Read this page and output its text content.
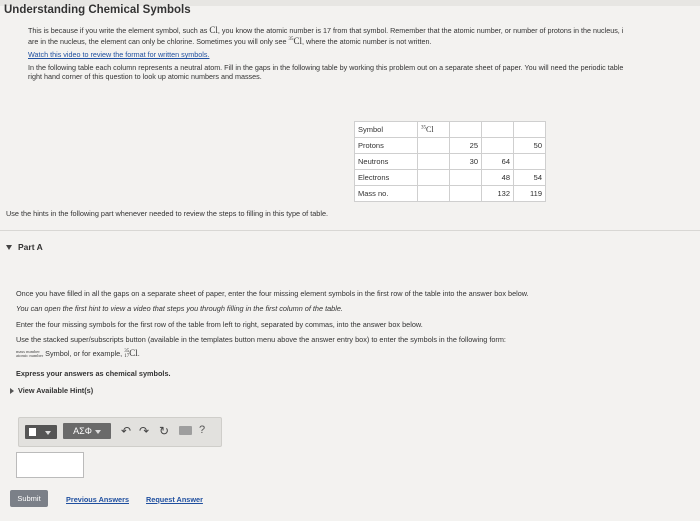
Understanding Chemical Symbols

This is because if you write the element symbol, such as Cl, you know the atomic number is 17 from that symbol. Remember that the atomic number, or number of protons in the nucleus, i

are in the nucleus, the element can only be chlorine. Sometimes you will only see $^{35}$Cl, where the atomic number is not written.

Watch this video to review the format for written symbols.

In the following table each column represents a neutral atom. Fill in the gaps in the following table by working this problem out on a separate sheet of paper. You will need the periodic table

right hand corner of this question to look up atomic numbers and masses.

Symbol	$^{35}$Cl			
Protons		25		50
Neutrons		30	64	
Electrons			48	54
Mass no.			132	119
Use the hints in the following part whenever needed to review the steps to filling in this type of table.
Part A
Once you have filled in all the gaps on a separate sheet of paper, enter the four missing element symbols in the first row of the table into the answer box below.
You can open the first hint to view a video that steps you through filling in the first column of the table.
Enter the four missing symbols for the first row of the table from left to right, separated by commas, into the answer box below.
Use the stacked super/subscripts button (available in the templates button menu above the answer entry box) to enter the symbols in the following form:
mass number
atomic number Symbol, or for example, 35
17Cl.
Express your answers as chemical symbols.
View Available Hint(s)
ΑΣΦ	↶ ↷ ↻	?
Submit	Previous Answers Request Answer
